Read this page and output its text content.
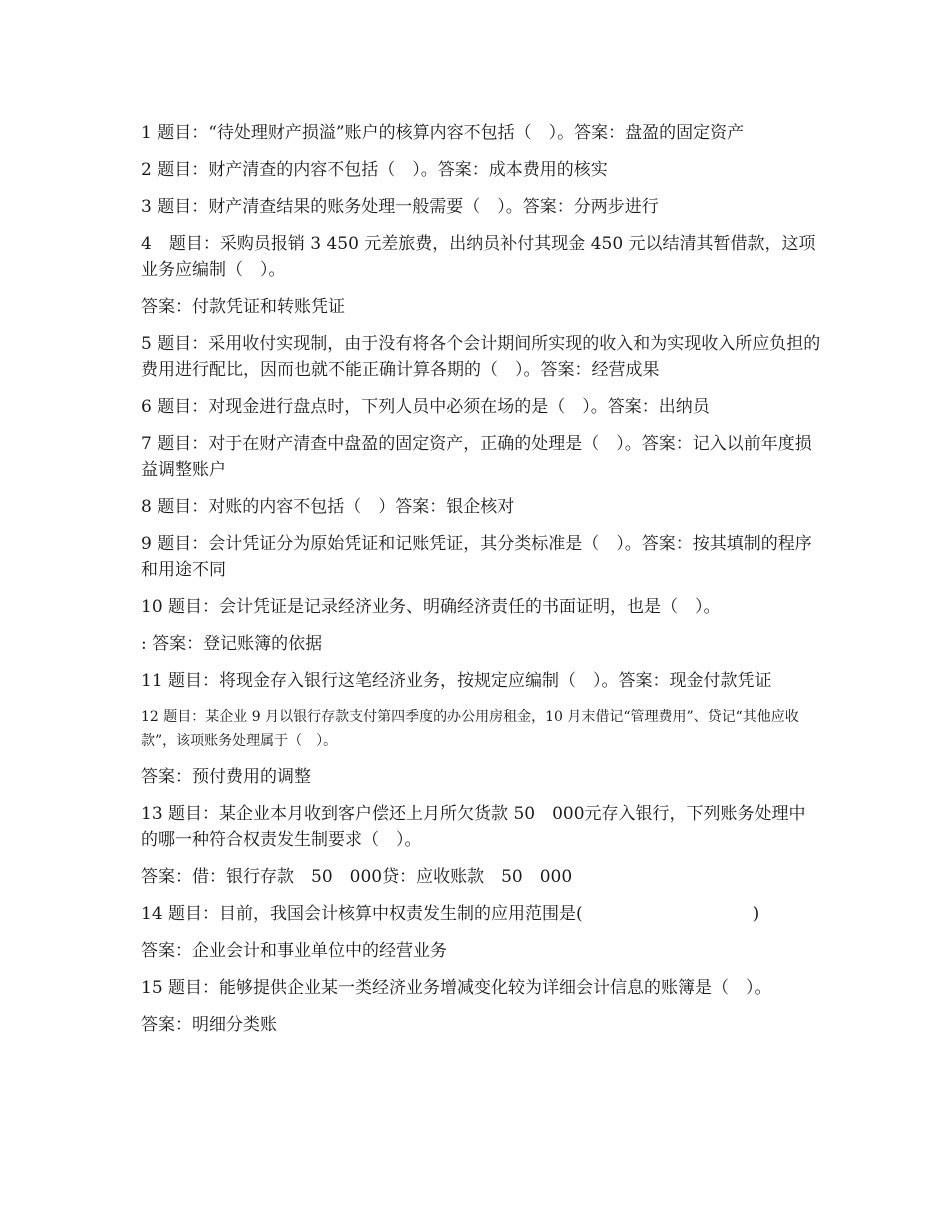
1 题目：“待处理财产损溢”账户的核算内容不包括（　）。答案：盘盈的固定资产

2 题目：财产清查的内容不包括（　）。答案：成本费用的核实

3 题目：财产清查结果的账务处理一般需要（　）。答案：分两步进行

4　题目：采购员报销 3 450 元差旅费，出纳员补付其现金 450 元以结清其暂借款，这项业务应编制（　）。

答案：付款凭证和转账凭证

5 题目：采用收付实现制，由于没有将各个会计期间所实现的收入和为实现收入所应负担的费用进行配比，因而也就不能正确计算各期的（　）。答案：经营成果

6 题目：对现金进行盘点时，下列人员中必须在场的是（　）。答案：出纳员

7 题目：对于在财产清查中盘盈的固定资产，正确的处理是（　）。答案：记入以前年度损益调整账户

8 题目：对账的内容不包括（　）答案：银企核对

9 题目：会计凭证分为原始凭证和记账凭证，其分类标准是（　）。答案：按其填制的程序和用途不同

10 题目：会计凭证是记录经济业务、明确经济责任的书面证明，也是（　）。

: 答案：登记账簿的依据

11 题目：将现金存入银行这笔经济业务，按规定应编制（　）。答案：现金付款凭证

12 题目：某企业 9 月以银行存款支付第四季度的办公用房租金，10 月末借记“管理费用”、贷记“其他应收款”，该项账务处理属于（　）。

答案：预付费用的调整

13 题目：某企业本月收到客户偿还上月所欠货款 50　000元存入银行，下列账务处理中的哪一种符合权责发生制要求（　）。

答案：借：银行存款　50　000贷：应收账款　50　000

14 题目：目前，我国会计核算中权责发生制的应用范围是(	)

答案：企业会计和事业单位中的经营业务

15 题目：能够提供企业某一类经济业务增减变化较为详细会计信息的账簿是（　）。

答案：明细分类账
